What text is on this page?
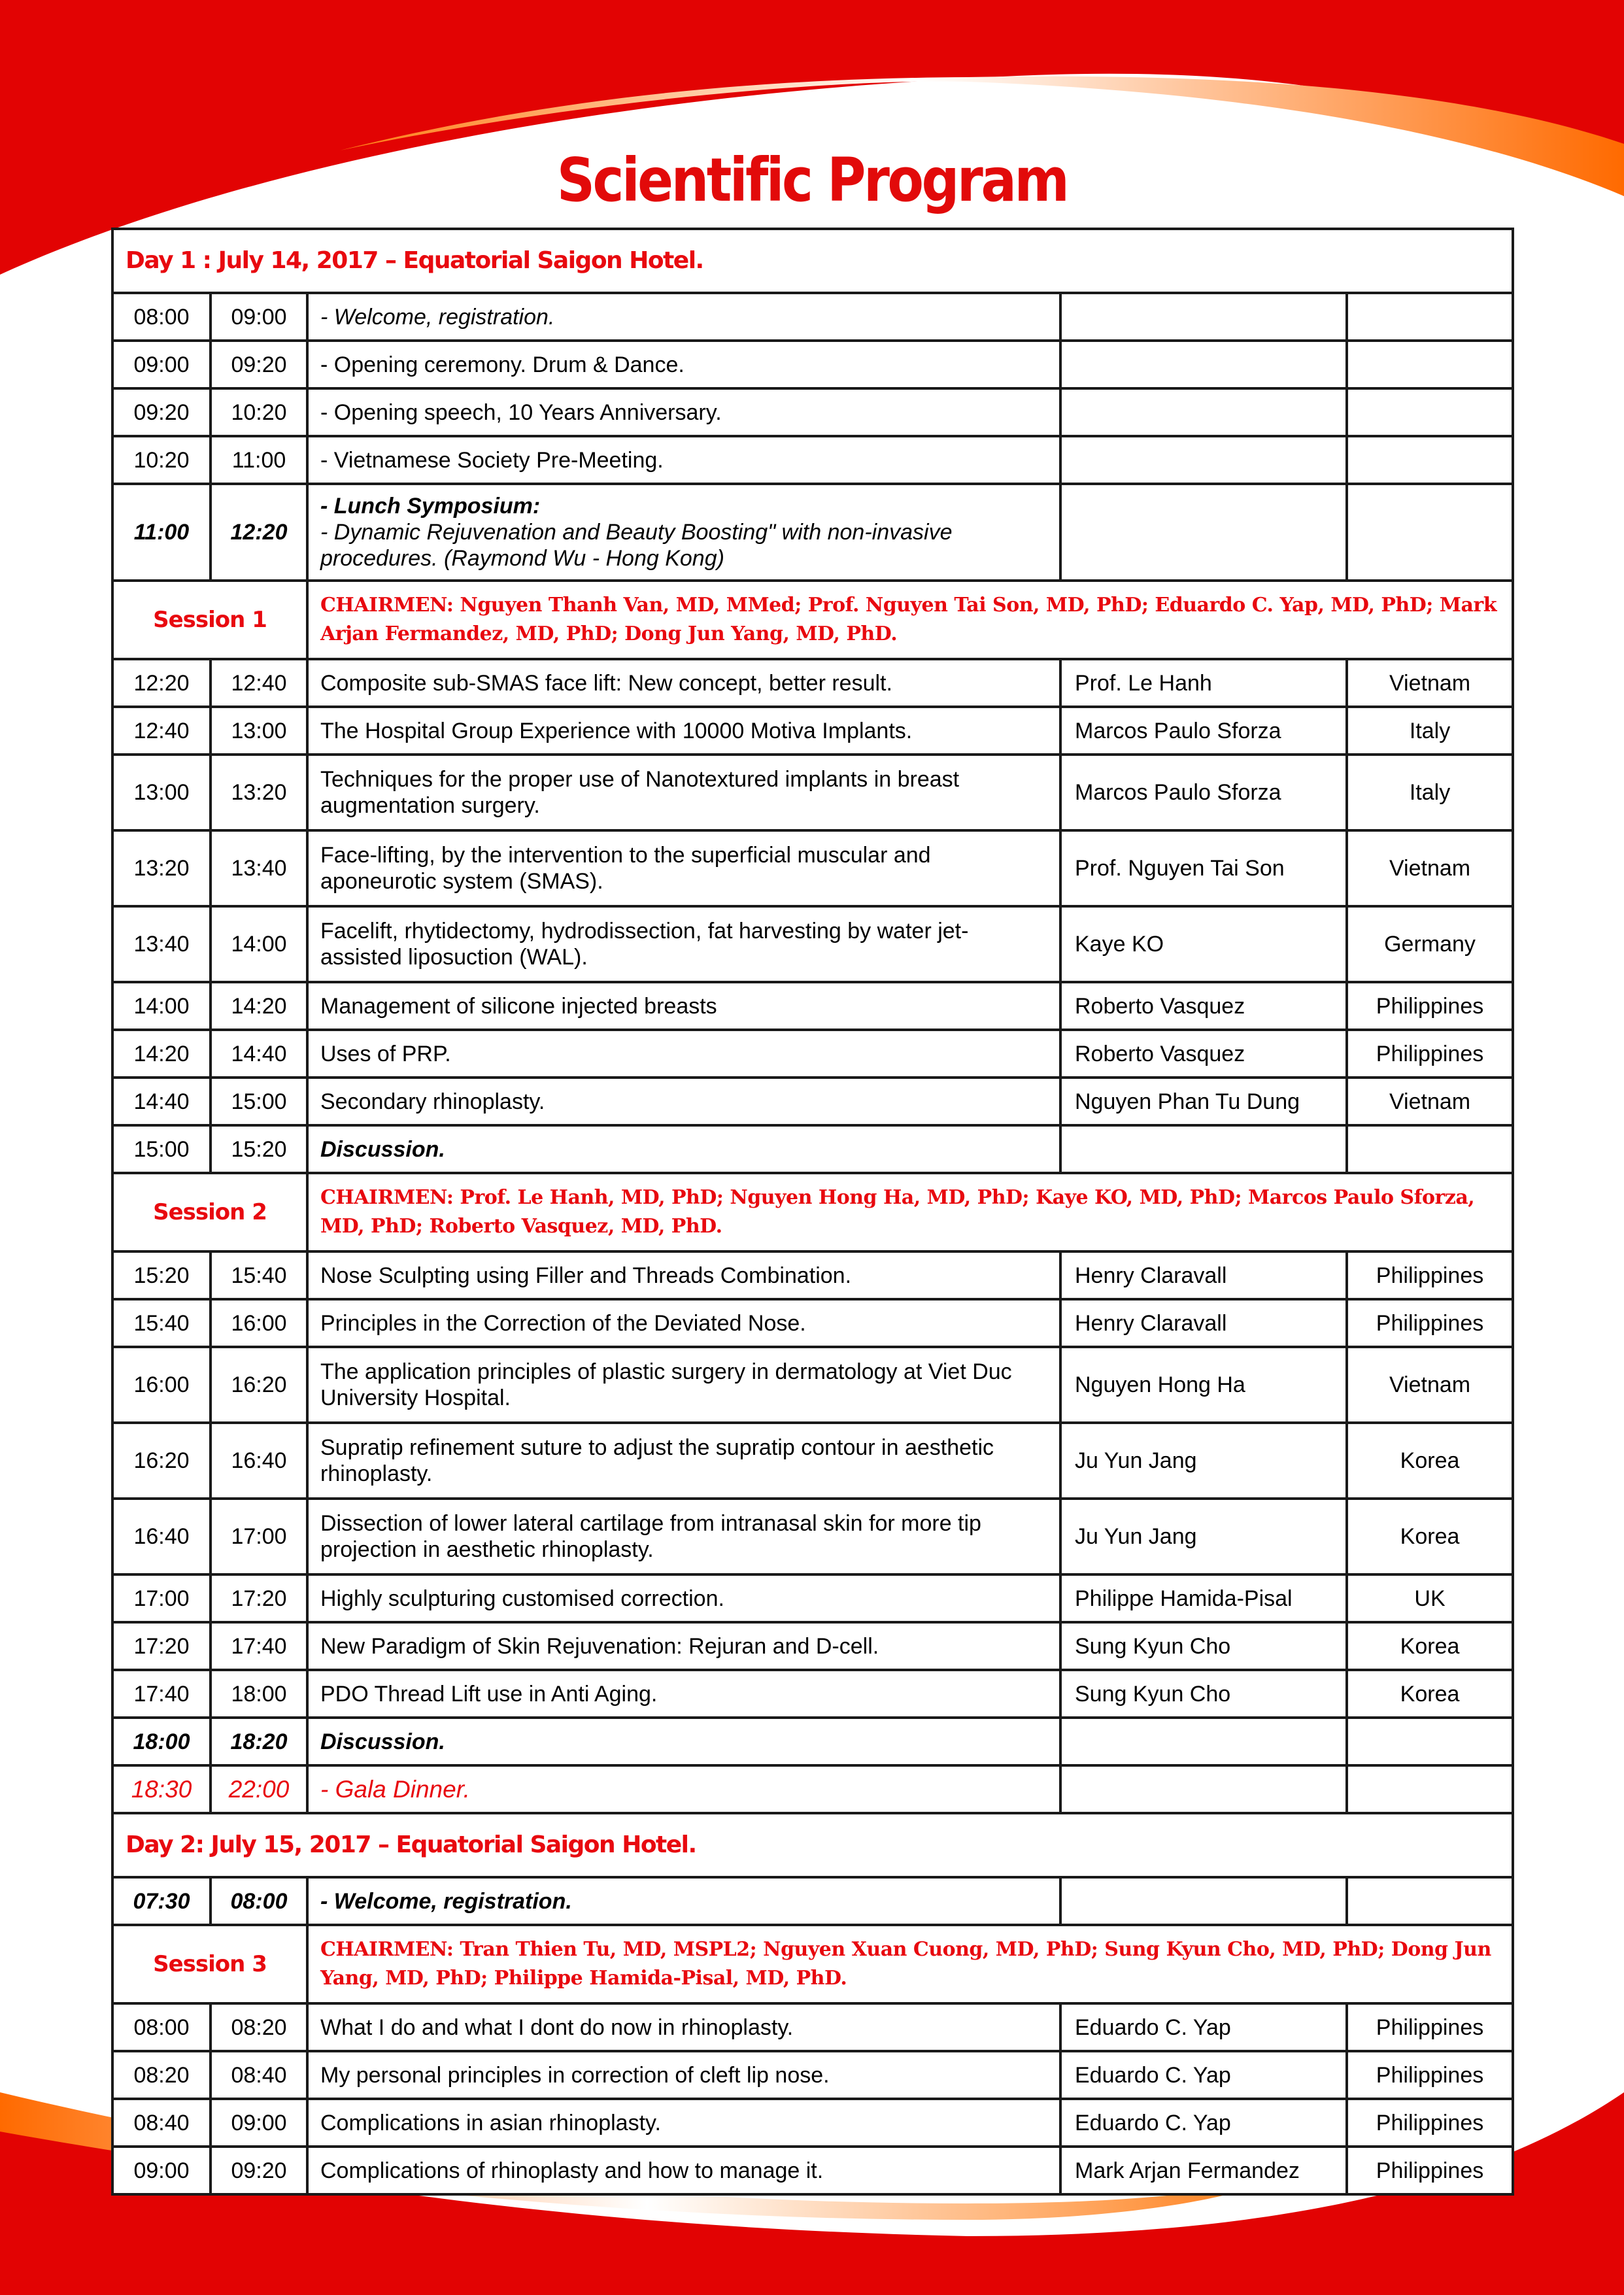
Scientific Program
Day 1 : July 14, 2017 – Equatorial Saigon Hotel.				
08:00	09:00	- Welcome, registration.		
09:00	09:20	- Opening ceremony. Drum & Dance.		
09:20	10:20	- Opening speech, 10 Years Anniversary.		
10:20	11:00	- Vietnamese Society Pre-Meeting.		
11:00	12:20	- Lunch Symposium:
- Dynamic Rejuvenation and Beauty Boosting" with non-invasive procedures. (Raymond Wu - Hong Kong)		

Session 1		CHAIRMEN: Nguyen Thanh Van, MD, MMed; Prof. Nguyen Tai Son, MD, PhD; Eduardo C. Yap, MD, PhD; Mark Arjan Fermandez, MD, PhD; Dong Jun Yang, MD, PhD.		
12:20	12:40	Composite sub-SMAS face lift: New concept, better result.	Prof. Le Hanh	Vietnam
12:40	13:00	The Hospital Group Experience with 10000 Motiva Implants.	Marcos Paulo Sforza	Italy
13:00	13:20	Techniques for the proper use of Nanotextured implants in breast augmentation surgery.	Marcos Paulo Sforza	Italy
13:20	13:40	Face-lifting, by the intervention to the superficial muscular and aponeurotic system (SMAS).	Prof. Nguyen Tai Son	Vietnam
13:40	14:00	Facelift, rhytidectomy, hydrodissection, fat harvesting by water jet-assisted liposuction (WAL).	Kaye KO	Germany
14:00	14:20	Management of silicone injected breasts	Roberto Vasquez	Philippines
14:20	14:40	Uses of PRP.	Roberto Vasquez	Philippines
14:40	15:00	Secondary rhinoplasty.	Nguyen Phan Tu Dung	Vietnam
15:00	15:20	Discussion.		
Session 2		CHAIRMEN: Prof. Le Hanh, MD, PhD; Nguyen Hong Ha, MD, PhD; Kaye KO, MD, PhD; Marcos Paulo Sforza, MD, PhD; Roberto Vasquez, MD, PhD.		
15:20	15:40	Nose Sculpting using Filler and Threads Combination.	Henry Claravall	Philippines
15:40	16:00	Principles in the Correction of the Deviated Nose.	Henry Claravall	Philippines
16:00	16:20	The application principles of plastic surgery in dermatology at Viet Duc University Hospital.	Nguyen Hong Ha	Vietnam
16:20	16:40	Supratip refinement suture to adjust the supratip contour in aesthetic rhinoplasty.	Ju Yun Jang	Korea
16:40	17:00	Dissection of lower lateral cartilage from intranasal skin for more tip projection in aesthetic rhinoplasty.	Ju Yun Jang	Korea
17:00	17:20	Highly sculpturing customised correction.	Philippe Hamida-Pisal	UK
17:20	17:40	New Paradigm of Skin Rejuvenation: Rejuran and D-cell.	Sung Kyun Cho	Korea
17:40	18:00	PDO Thread Lift use in Anti Aging.	Sung Kyun Cho	Korea
18:00	18:20	Discussion.		
18:30	22:00	- Gala Dinner.		
Day 2: July 15, 2017 – Equatorial Saigon Hotel.				
07:30	08:00	- Welcome, registration.		
Session 3		CHAIRMEN: Tran Thien Tu, MD, MSPL2; Nguyen Xuan Cuong, MD, PhD; Sung Kyun Cho, MD, PhD; Dong Jun Yang, MD, PhD; Philippe Hamida-Pisal, MD, PhD.		
08:00	08:20	What I do and what I dont do now in rhinoplasty.	Eduardo C. Yap	Philippines
08:20	08:40	My personal principles in correction of cleft lip nose.	Eduardo C. Yap	Philippines
08:40	09:00	Complications in asian rhinoplasty.	Eduardo C. Yap	Philippines
09:00	09:20	Complications of rhinoplasty and how to manage it.	Mark Arjan Fermandez	Philippines
